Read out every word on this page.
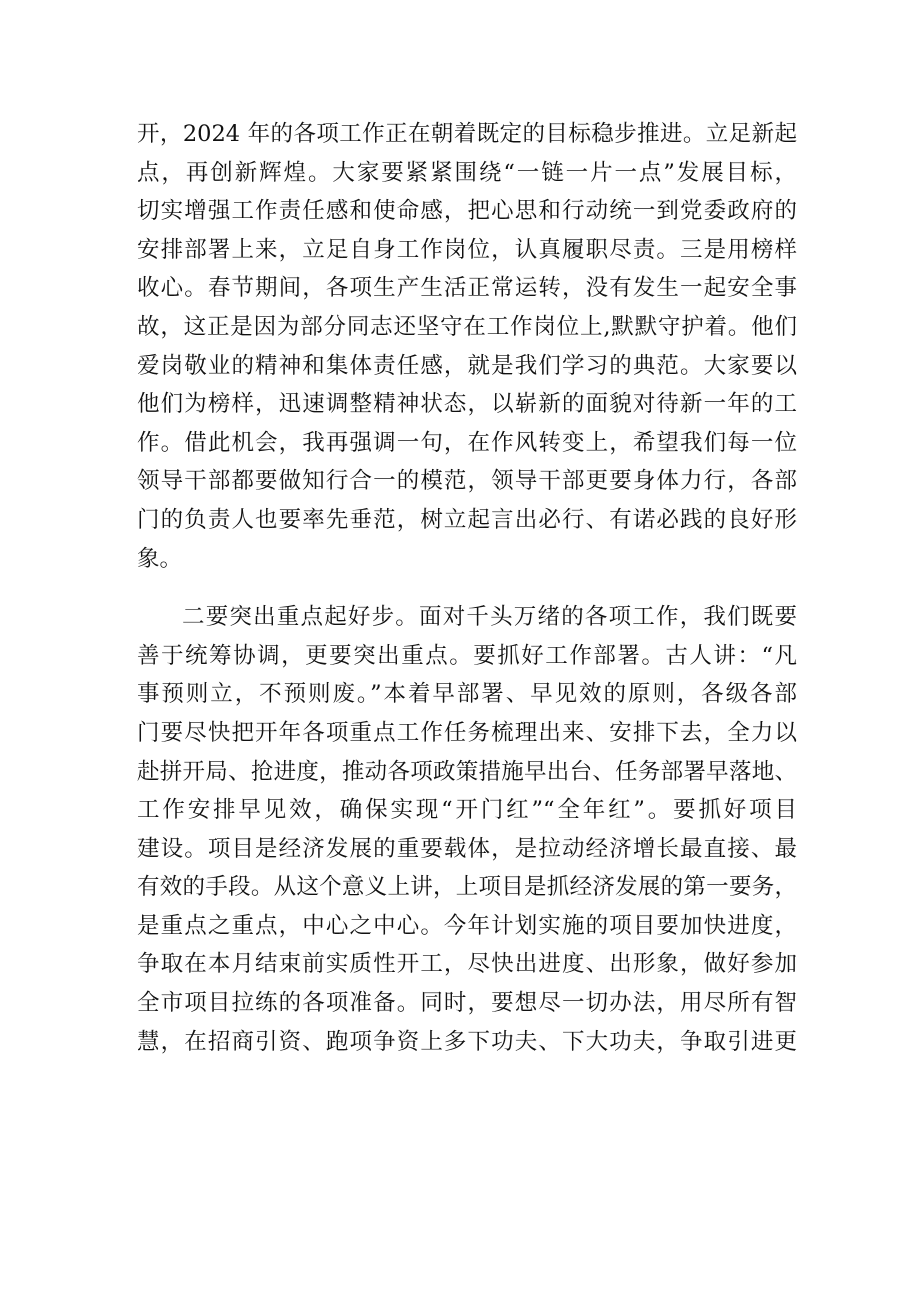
开，2024 年的各项工作正在朝着既定的目标稳步推进。立足新起
点，再创新辉煌。大家要紧紧围绕“一链一片一点”发展目标，
切实增强工作责任感和使命感，把心思和行动统一到党委政府的
安排部署上来，立足自身工作岗位，认真履职尽责。三是用榜样
收心。春节期间，各项生产生活正常运转，没有发生一起安全事
故，这正是因为部分同志还坚守在工作岗位上,默默守护着。他们
爱岗敬业的精神和集体责任感，就是我们学习的典范。大家要以
他们为榜样，迅速调整精神状态，以崭新的面貌对待新一年的工
作。借此机会，我再强调一句，在作风转变上，希望我们每一位
领导干部都要做知行合一的模范，领导干部更要身体力行，各部
门的负责人也要率先垂范，树立起言出必行、有诺必践的良好形
象。
二要突出重点起好步。面对千头万绪的各项工作，我们既要
善于统筹协调，更要突出重点。要抓好工作部署。古人讲：“凡
事预则立，不预则废。”本着早部署、早见效的原则，各级各部
门要尽快把开年各项重点工作任务梳理出来、安排下去，全力以
赴拼开局、抢进度，推动各项政策措施早出台、任务部署早落地、
工作安排早见效，确保实现“开门红”“全年红”。要抓好项目
建设。项目是经济发展的重要载体，是拉动经济增长最直接、最
有效的手段。从这个意义上讲，上项目是抓经济发展的第一要务，
是重点之重点，中心之中心。今年计划实施的项目要加快进度，
争取在本月结束前实质性开工，尽快出进度、出形象，做好参加
全市项目拉练的各项准备。同时，要想尽一切办法，用尽所有智
慧，在招商引资、跑项争资上多下功夫、下大功夫，争取引进更
